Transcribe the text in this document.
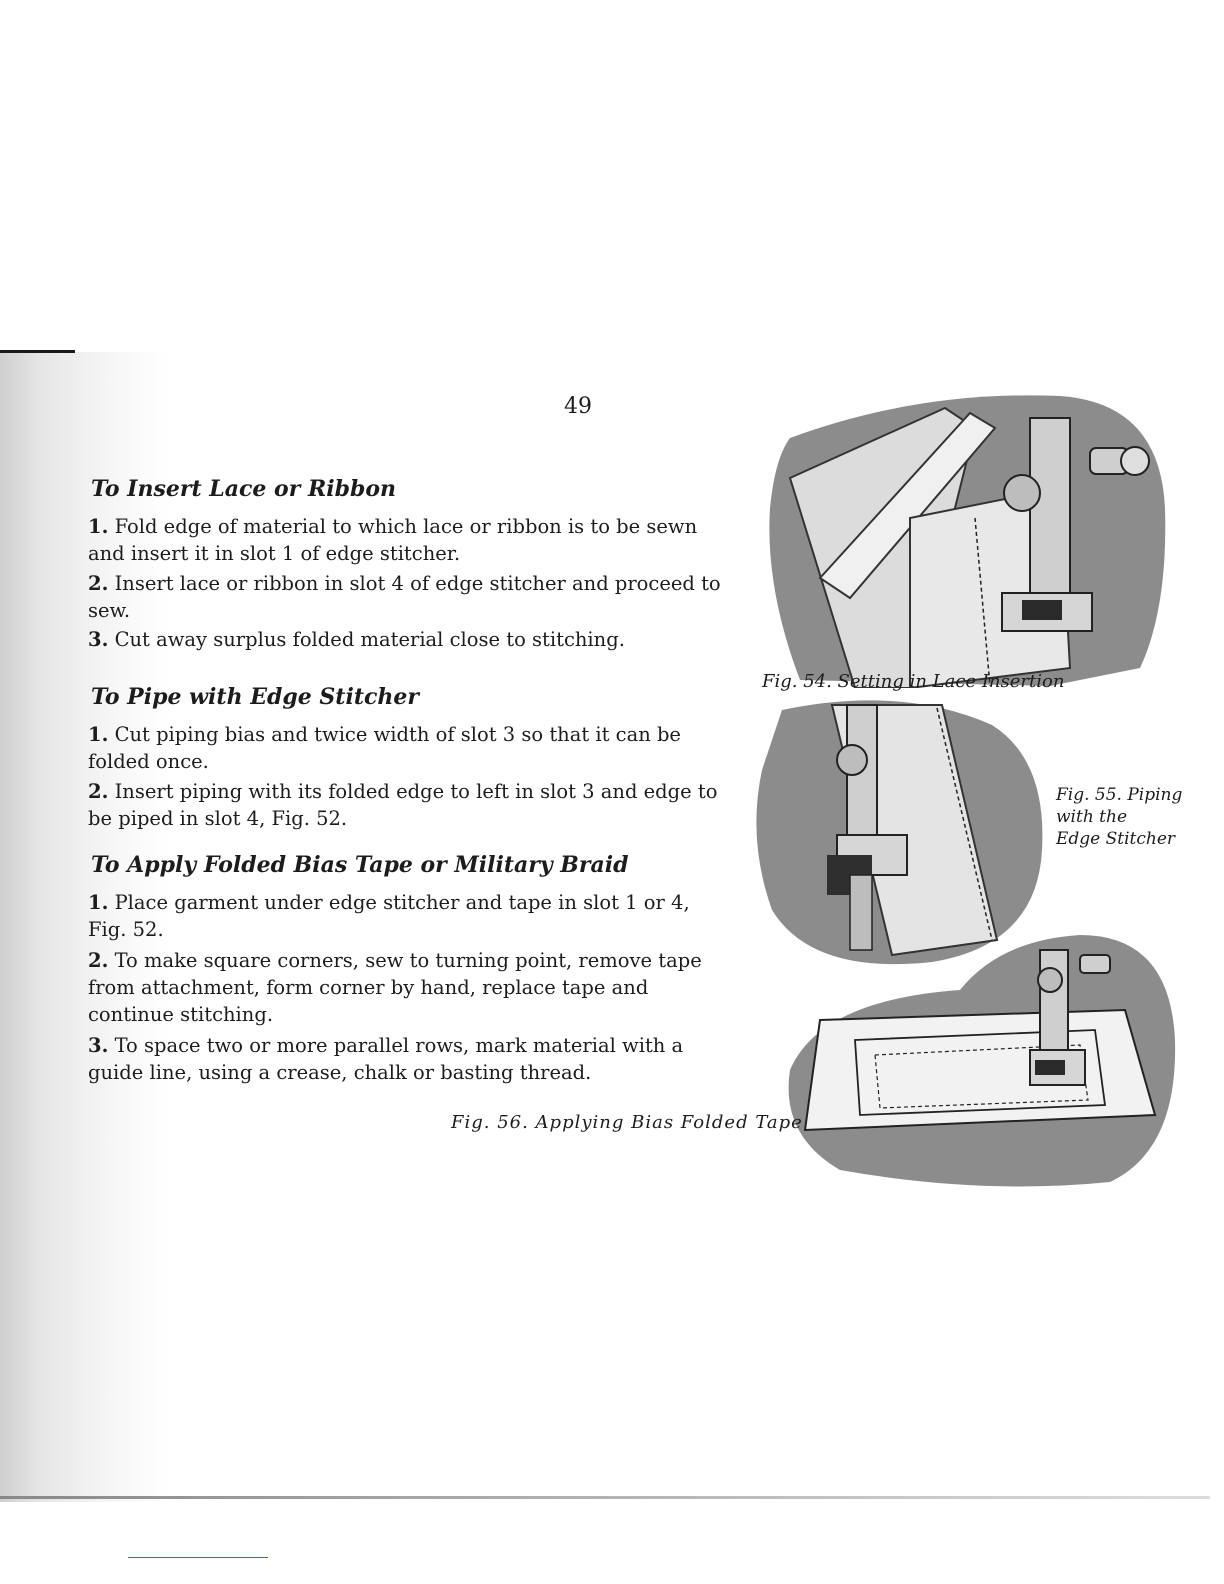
49
To Insert Lace or Ribbon
1. Fold edge of material to which lace or ribbon is to be sewn and insert it in slot 1 of edge stitcher.
2. Insert lace or ribbon in slot 4 of edge stitcher and proceed to sew.
3. Cut away surplus folded material close to stitching.
To Pipe with Edge Stitcher
1. Cut piping bias and twice width of slot 3 so that it can be folded once.
2. Insert piping with its folded edge to left in slot 3 and edge to be piped in slot 4, Fig. 52.
To Apply Folded Bias Tape or Military Braid
1. Place garment under edge stitcher and tape in slot 1 or 4, Fig. 52.
2. To make square corners, sew to turning point, remove tape from attachment, form corner by hand, replace tape and continue stitching.
3. To space two or more parallel rows, mark material with a guide line, using a crease, chalk or basting thread.
Fig. 54. Setting in Lace Insertion
Fig. 55. Piping
with the
Edge Stitcher
Fig. 56. Applying Bias Folded Tape
